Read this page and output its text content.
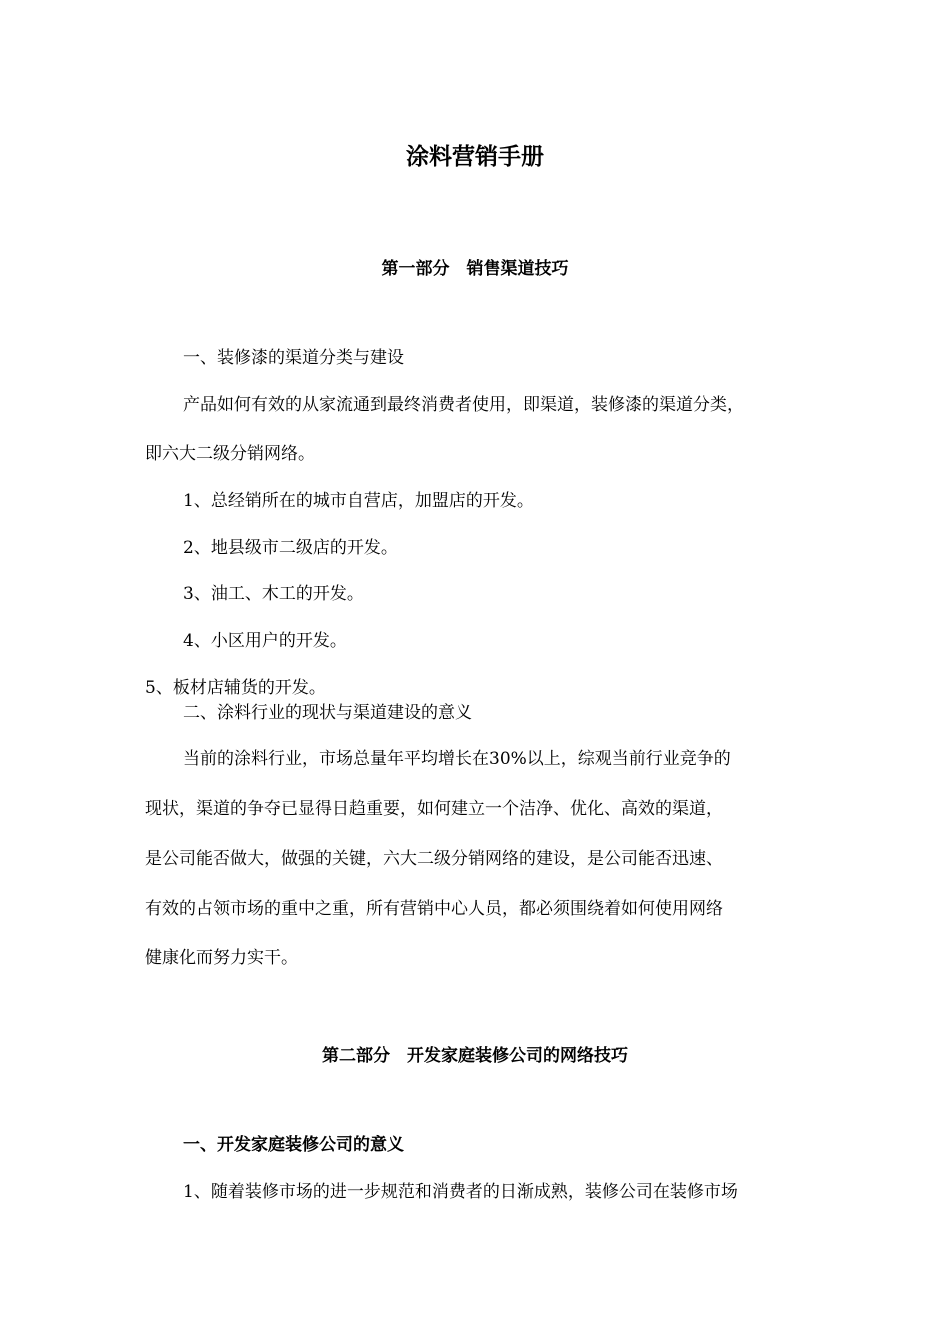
涂料营销手册
第一部分　销售渠道技巧
一、装修漆的渠道分类与建设
产品如何有效的从家流通到最终消费者使用，即渠道，装修漆的渠道分类，
即六大二级分销网络。
1、总经销所在的城市自营店，加盟店的开发。
2、地县级市二级店的开发。
3、油工、木工的开发。
4、小区用户的开发。
5、板材店辅货的开发。
二、涂料行业的现状与渠道建设的意义
当前的涂料行业，市场总量年平均增长在30%以上，综观当前行业竞争的
现状，渠道的争夺已显得日趋重要，如何建立一个洁净、优化、高效的渠道，
是公司能否做大，做强的关键，六大二级分销网络的建设，是公司能否迅速、
有效的占领市场的重中之重，所有营销中心人员，都必须围绕着如何使用网络
健康化而努力实干。
第二部分　开发家庭装修公司的网络技巧
一、开发家庭装修公司的意义
1、随着装修市场的进一步规范和消费者的日渐成熟，装修公司在装修市场
